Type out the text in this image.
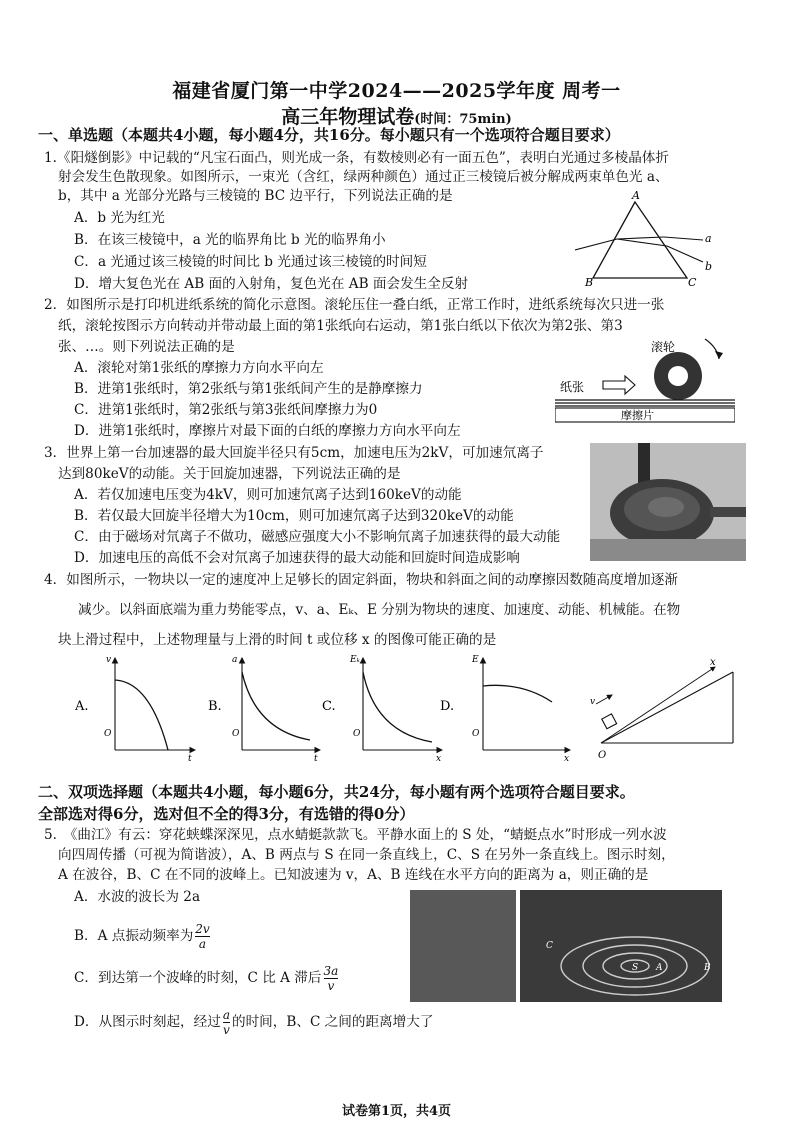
福建省厦门第一中学2024——2025学年度 周考一
高三年物理试卷(时间：75min)
一、单选题（本题共4小题，每小题4分，共16分。每小题只有一个选项符合题目要求）
1.《阳燧倒影》中记载的“凡宝石面凸，则光成一条，有数棱则必有一面五色”，表明白光通过多棱晶体折
射会发生色散现象。如图所示，一束光（含红，绿两种颜色）通过正三棱镜后被分解成两束单色光 a、
b，其中 a 光部分光路与三棱镜的 BC 边平行，下列说法正确的是
A．b 光为红光
B．在该三棱镜中，a 光的临界角比 b 光的临界角小
C．a 光通过该三棱镜的时间比 b 光通过该三棱镜的时间短
D．增大复色光在 AB 面的入射角，复色光在 AB 面会发生全反射
A
B	C
a
b
2．如图所示是打印机进纸系统的简化示意图。滚轮压住一叠白纸，正常工作时，进纸系统每次只进一张
纸，滚轮按图示方向转动并带动最上面的第1张纸向右运动，第1张白纸以下依次为第2张、第3
张、…。则下列说法正确的是
A．滚轮对第1张纸的摩擦力方向水平向左
B．进第1张纸时，第2张纸与第1张纸间产生的是静摩擦力
C．进第1张纸时，第2张纸与第3张纸间摩擦力为0
D．进第1张纸时，摩擦片对最下面的白纸的摩擦力方向水平向左
滚轮
纸张
摩擦片
3．世界上第一台加速器的最大回旋半径只有5cm，加速电压为2kV，可加速氘离子
达到80keV的动能。关于回旋加速器，下列说法正确的是
A．若仅加速电压变为4kV，则可加速氘离子达到160keV的动能
B．若仅最大回旋半径增大为10cm，则可加速氘离子达到320keV的动能
C．由于磁场对氘离子不做功，磁感应强度大小不影响氘离子加速获得的最大动能
D．加速电压的高低不会对氘离子加速获得的最大动能和回旋时间造成影响
4．如图所示，一物块以一定的速度冲上足够长的固定斜面，物块和斜面之间的动摩擦因数随高度增加逐渐
减少。以斜面底端为重力势能零点，v、a、Eₖ、E 分别为物块的速度、加速度、动能、机械能。在物
块上滑过程中，上述物理量与上滑的时间 t 或位移 x 的图像可能正确的是
A.
v
t
O
B.
a
t
O
C.
Eₖ
x
O
D.
E
x
O
v
x
O
二、双项选择题（本题共4小题，每小题6分，共24分，每小题有两个选项符合题目要求。
全部选对得6分，选对但不全的得3分，有选错的得0分）
5.　《曲江》有云：穿花蛱蝶深深见，点水蜻蜓款款飞。平静水面上的 S 处，“蜻蜓点水”时形成一列水波
向四周传播（可视为简谐波），A、B 两点与 S 在同一条直线上，C、S 在另外一条直线上。图示时刻，
A 在波谷，B、C 在不同的波峰上。已知波速为 v，A、B 连线在水平方向的距离为 a，则正确的是
A．水波的波长为 2a
B．A 点振动频率为 $\frac{2v}{a}$
C．到达第一个波峰的时刻，C 比 A 滞后 $\frac{3a}{v}$
D．从图示时刻起，经过 $\frac{a}{v}$ 的时间，B、C 之间的距离增大了
S A	B
C
试卷第1页，共4页
